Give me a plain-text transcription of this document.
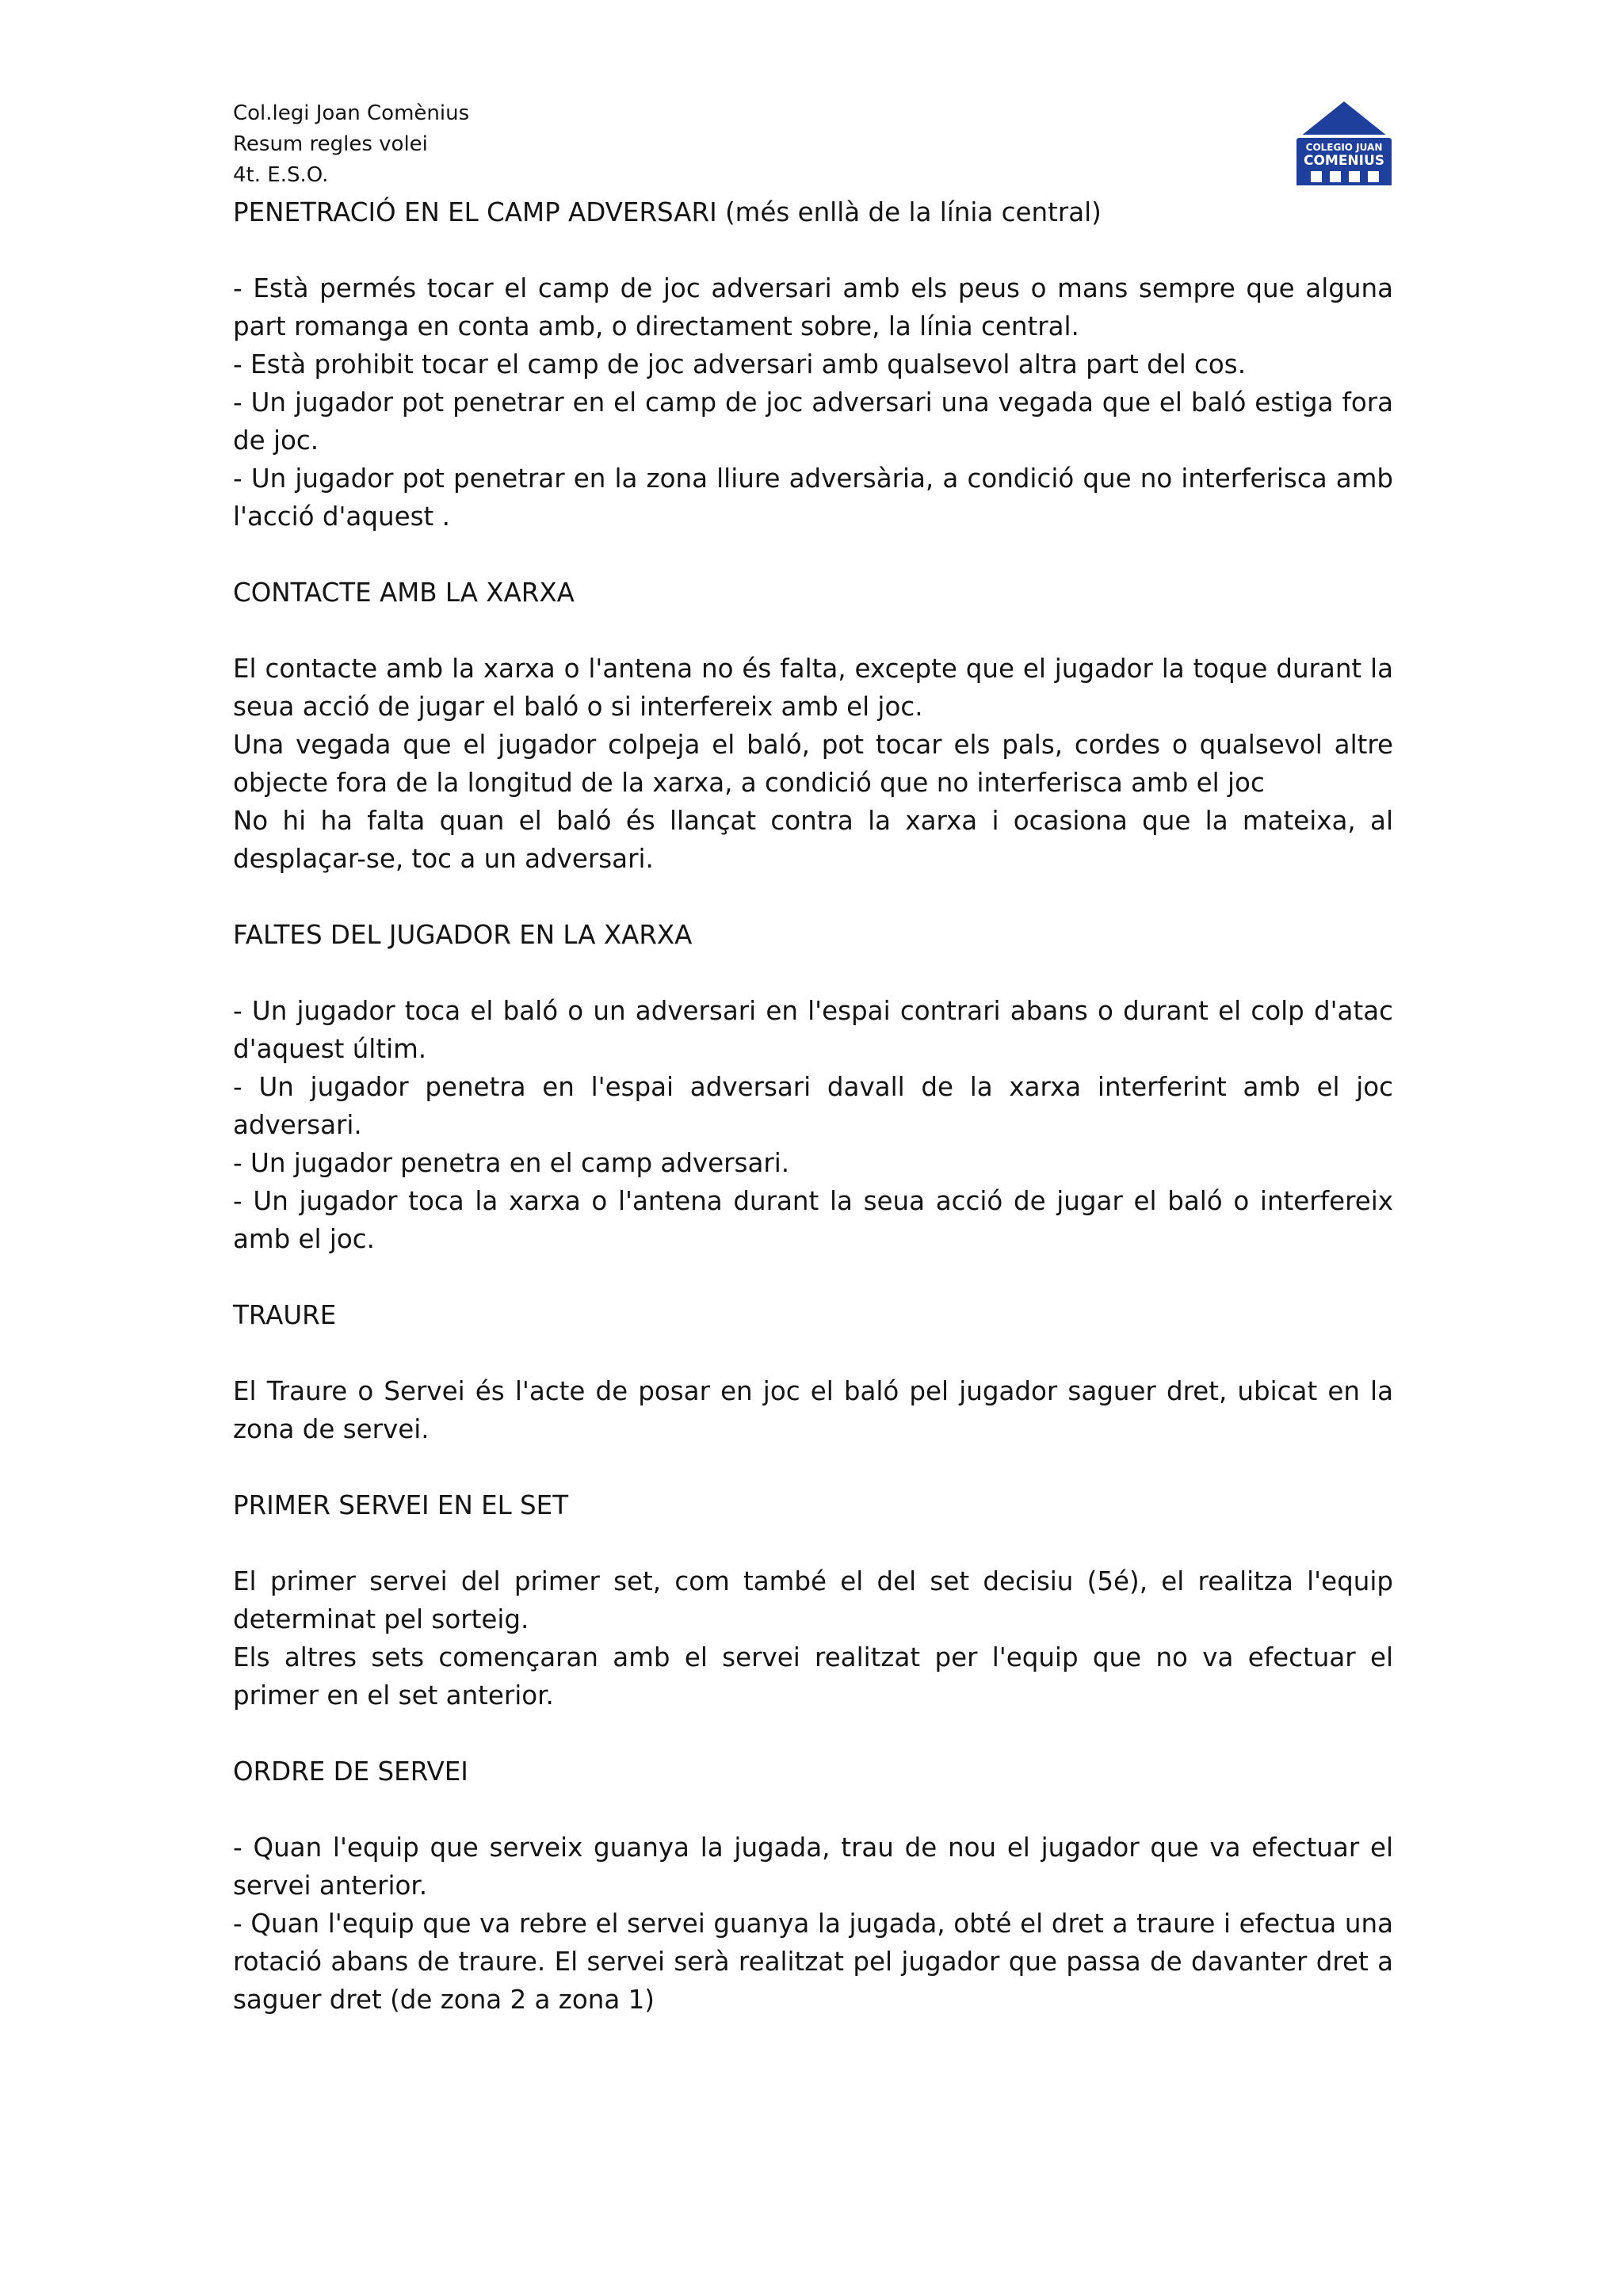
Col.legi Joan Comènius
Resum regles volei
4t. E.S.O.
COLEGIO JUAN
COMENIUS

PENETRACIÓ EN EL CAMP ADVERSARI (més enllà de la línia central)

- Està permés tocar el camp de joc adversari amb els peus o mans sempre que alguna part romanga en conta amb, o directament sobre, la línia central.

- Està prohibit tocar el camp de joc adversari amb qualsevol altra part del cos.

- Un jugador pot penetrar en el camp de joc adversari una vegada que el baló estiga fora de joc.

- Un jugador pot penetrar en la zona lliure adversària, a condició que no interferisca amb l'acció d'aquest .

CONTACTE AMB LA XARXA

El contacte amb la xarxa o l'antena no és falta, excepte que el jugador la toque durant la seua acció de jugar el baló o si interfereix amb el joc.

Una vegada que el jugador colpeja el baló, pot tocar els pals, cordes o qualsevol altre objecte fora de la longitud de la xarxa, a condició que no interferisca amb el joc

No hi ha falta quan el baló és llançat contra la xarxa i ocasiona que la mateixa, al desplaçar-se, toc a un adversari.

FALTES DEL JUGADOR EN LA XARXA

- Un jugador toca el baló o un adversari en l'espai contrari abans o durant el colp d'atac d'aquest últim.

- Un jugador penetra en l'espai adversari davall de la xarxa interferint amb el joc adversari.

- Un jugador penetra en el camp adversari.

- Un jugador toca la xarxa o l'antena durant la seua acció de jugar el baló o interfereix amb el joc.

TRAURE

El Traure o Servei és l'acte de posar en joc el baló pel jugador saguer dret, ubicat en la zona de servei.

PRIMER SERVEI EN EL SET

El primer servei del primer set, com també el del set decisiu (5é), el realitza l'equip determinat pel sorteig.

Els altres sets començaran amb el servei realitzat per l'equip que no va efectuar el primer en el set anterior.

ORDRE DE SERVEI

- Quan l'equip que serveix guanya la jugada, trau de nou el jugador que va efectuar el servei anterior.

- Quan l'equip que va rebre el servei guanya la jugada, obté el dret a traure i efectua una rotació abans de traure. El servei serà realitzat pel jugador que passa de davanter dret a saguer dret (de zona 2 a zona 1)
